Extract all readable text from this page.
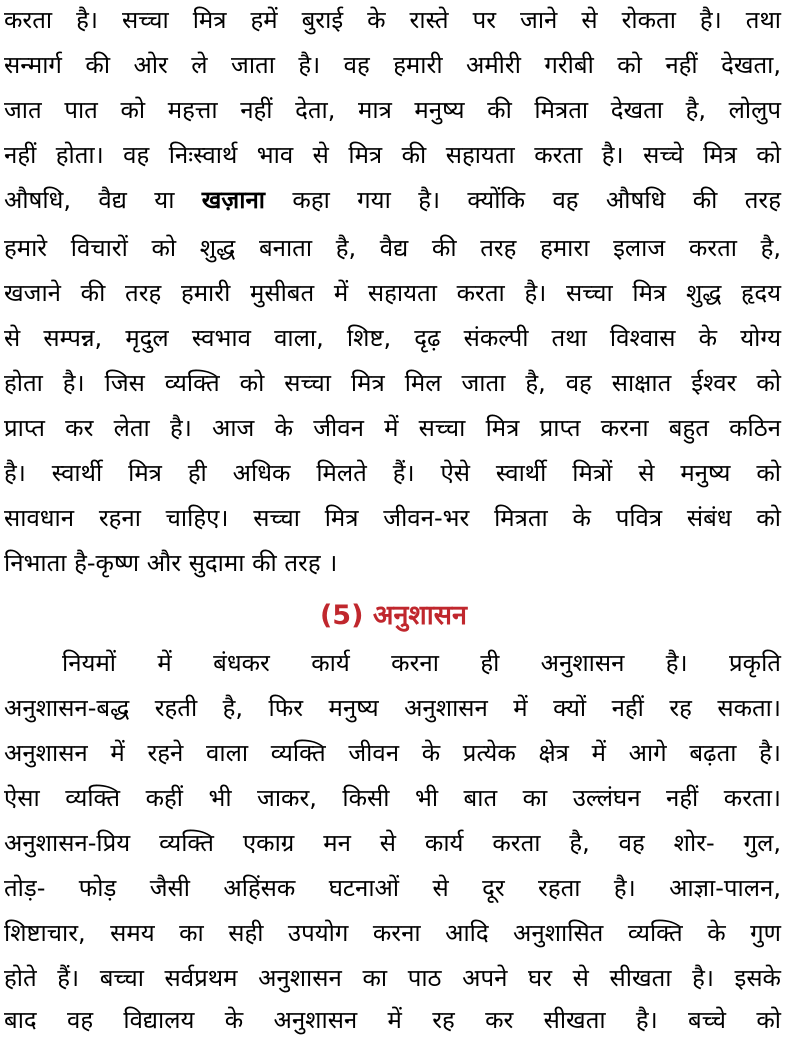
करता है। सच्चा मित्र हमें बुराई के रास्ते पर जाने से रोकता है। तथा
सन्मार्ग की ओर ले जाता है। वह हमारी अमीरी गरीबी को नहीं देखता,
जात पात को महत्ता नहीं देता, मात्र मनुष्य की मित्रता देखता है, लोलुप
नहीं होता। वह निःस्वार्थ भाव से मित्र की सहायता करता है। सच्चे मित्र को
औषधि, वैद्य या खज़ाना कहा गया है। क्योंकि वह औषधि की तरह
हमारे विचारों को शुद्ध बनाता है, वैद्य की तरह हमारा इलाज करता है,
खजाने की तरह हमारी मुसीबत में सहायता करता है। सच्चा मित्र शुद्ध हृदय
से सम्पन्न, मृदुल स्वभाव वाला, शिष्ट, दृढ़ संकल्पी तथा विश्वास के योग्य
होता है। जिस व्यक्ति को सच्चा मित्र मिल जाता है, वह साक्षात ईश्वर को
प्राप्त कर लेता है। आज के जीवन में सच्चा मित्र प्राप्त करना बहुत कठिन
है। स्वार्थी मित्र ही अधिक मिलते हैं। ऐसे स्वार्थी मित्रों से मनुष्य को
सावधान रहना चाहिए। सच्चा मित्र जीवन-भर मित्रता के पवित्र संबंध को
निभाता है-कृष्ण और सुदामा की तरह ।
(5) अनुशासन
नियमों में बंधकर कार्य करना ही अनुशासन है। प्रकृति
अनुशासन-बद्ध रहती है, फिर मनुष्य अनुशासन में क्यों नहीं रह सकता।
अनुशासन में रहने वाला व्यक्ति जीवन के प्रत्येक क्षेत्र में आगे बढ़ता है।
ऐसा व्यक्ति कहीं भी जाकर, किसी भी बात का उल्लंघन नहीं करता।
अनुशासन-प्रिय व्यक्ति एकाग्र मन से कार्य करता है, वह शोर- गुल,
तोड़- फोड़ जैसी अहिंसक घटनाओं से दूर रहता है। आज्ञा-पालन,
शिष्टाचार, समय का सही उपयोग करना आदि अनुशासित व्यक्ति के गुण
होते हैं। बच्चा सर्वप्रथम अनुशासन का पाठ अपने घर से सीखता है। इसके
बाद वह विद्यालय के अनुशासन में रह कर सीखता है। बच्चे को
